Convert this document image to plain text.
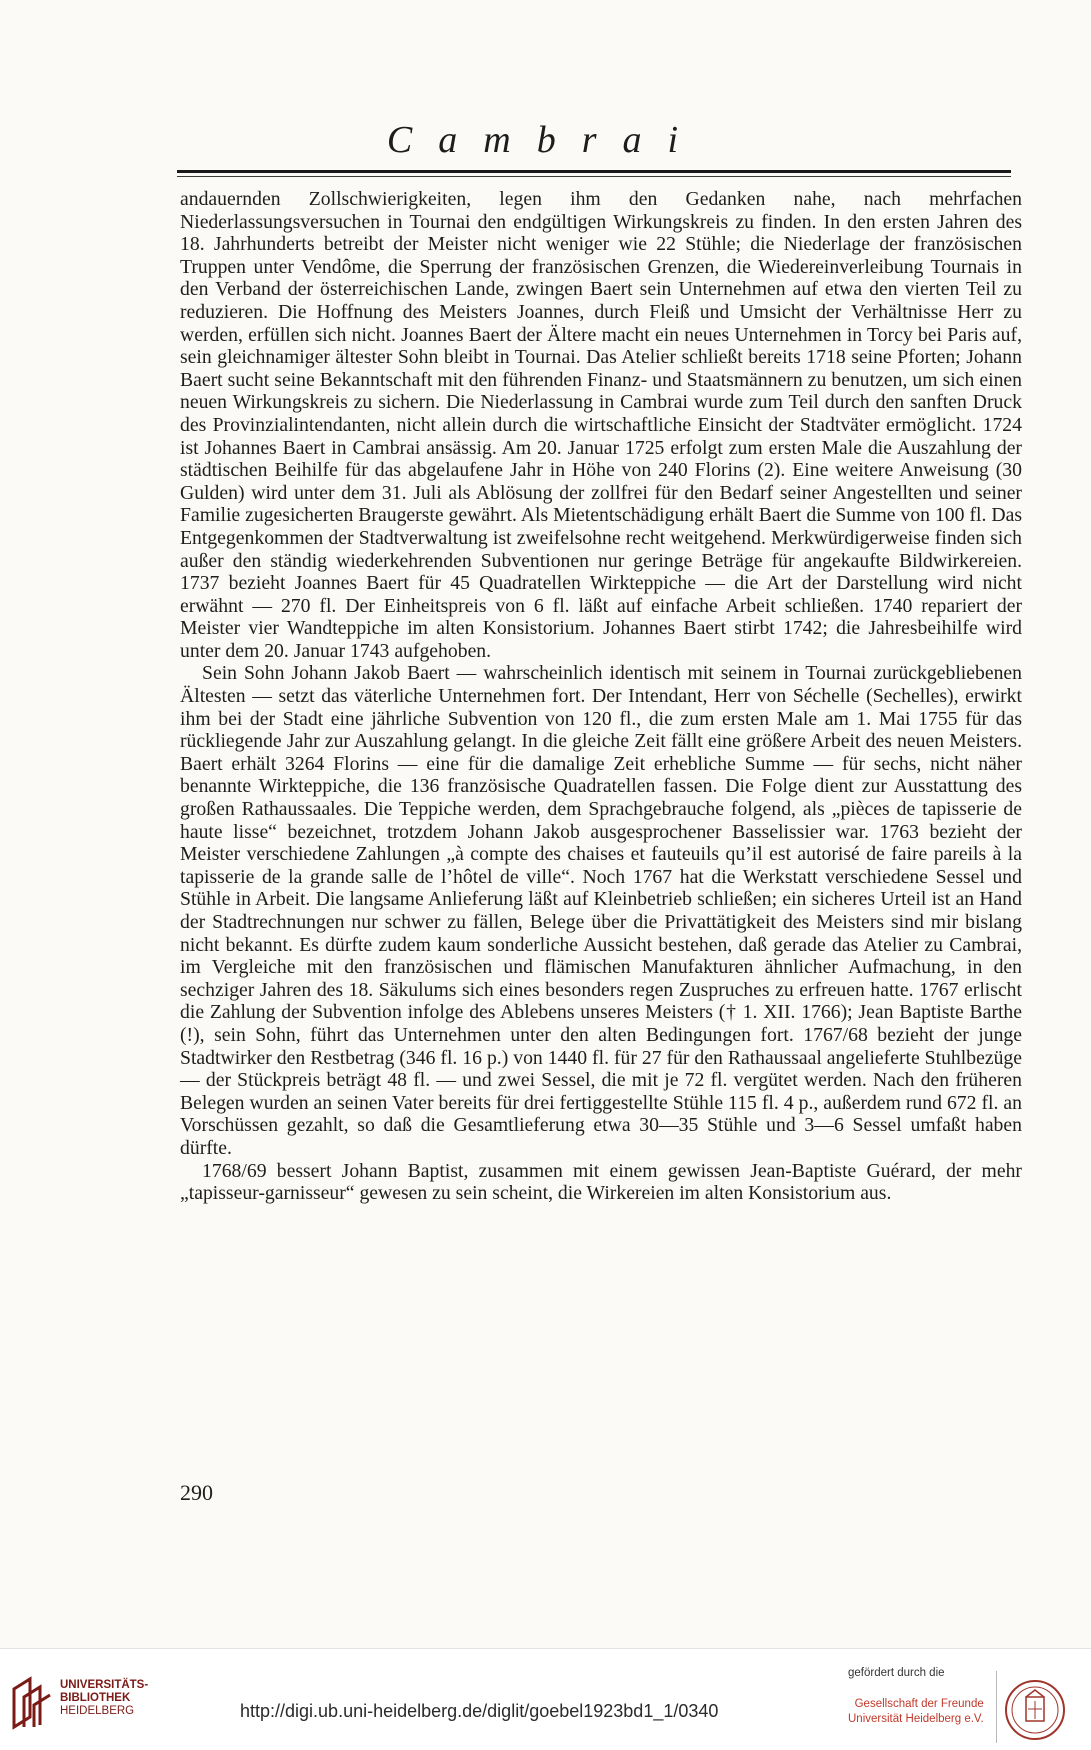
Cambrai

andauernden Zollschwierigkeiten, legen ihm den Gedanken nahe, nach mehrfachen Niederlassungsversuchen in Tournai den endgültigen Wirkungskreis zu finden. In den ersten Jahren des 18. Jahrhunderts betreibt der Meister nicht weniger wie 22 Stühle; die Niederlage der französischen Truppen unter Vendôme, die Sperrung der französischen Grenzen, die Wiedereinverleibung Tournais in den Verband der österreichischen Lande, zwingen Baert sein Unternehmen auf etwa den vierten Teil zu reduzieren. Die Hoffnung des Meisters Joannes, durch Fleiß und Umsicht der Verhältnisse Herr zu werden, erfüllen sich nicht. Joannes Baert der Ältere macht ein neues Unternehmen in Torcy bei Paris auf, sein gleichnamiger ältester Sohn bleibt in Tournai. Das Atelier schließt bereits 1718 seine Pforten; Johann Baert sucht seine Bekanntschaft mit den führenden Finanz- und Staatsmännern zu benutzen, um sich einen neuen Wirkungskreis zu sichern. Die Niederlassung in Cambrai wurde zum Teil durch den sanften Druck des Provinzialintendanten, nicht allein durch die wirtschaftliche Einsicht der Stadtväter ermöglicht. 1724 ist Johannes Baert in Cambrai ansässig. Am 20. Januar 1725 erfolgt zum ersten Male die Auszahlung der städtischen Beihilfe für das abgelaufene Jahr in Höhe von 240 Florins (2). Eine weitere Anweisung (30 Gulden) wird unter dem 31. Juli als Ablösung der zollfrei für den Bedarf seiner Angestellten und seiner Familie zugesicherten Braugerste gewährt. Als Mietentschädigung erhält Baert die Summe von 100 fl. Das Entgegenkommen der Stadtverwaltung ist zweifelsohne recht weitgehend. Merkwürdigerweise finden sich außer den ständig wiederkehrenden Subventionen nur geringe Beträge für angekaufte Bildwirkereien. 1737 bezieht Joannes Baert für 45 Quadratellen Wirkteppiche — die Art der Darstellung wird nicht erwähnt — 270 fl. Der Einheitspreis von 6 fl. läßt auf einfache Arbeit schließen. 1740 repariert der Meister vier Wandteppiche im alten Konsistorium. Johannes Baert stirbt 1742; die Jahresbeihilfe wird unter dem 20. Januar 1743 aufgehoben.

Sein Sohn Johann Jakob Baert — wahrscheinlich identisch mit seinem in Tournai zurückgebliebenen Ältesten — setzt das väterliche Unternehmen fort. Der Intendant, Herr von Séchelle (Sechelles), erwirkt ihm bei der Stadt eine jährliche Subvention von 120 fl., die zum ersten Male am 1. Mai 1755 für das rückliegende Jahr zur Auszahlung gelangt. In die gleiche Zeit fällt eine größere Arbeit des neuen Meisters. Baert erhält 3264 Florins — eine für die damalige Zeit erhebliche Summe — für sechs, nicht näher benannte Wirkteppiche, die 136 französische Quadratellen fassen. Die Folge dient zur Ausstattung des großen Rathaussaales. Die Teppiche werden, dem Sprachgebrauche folgend, als „pièces de tapisserie de haute lisse“ bezeichnet, trotzdem Johann Jakob ausgesprochener Basselissier war. 1763 bezieht der Meister verschiedene Zahlungen „à compte des chaises et fauteuils qu’il est autorisé de faire pareils à la tapisserie de la grande salle de l’hôtel de ville“. Noch 1767 hat die Werkstatt verschiedene Sessel und Stühle in Arbeit. Die langsame Anlieferung läßt auf Kleinbetrieb schließen; ein sicheres Urteil ist an Hand der Stadtrechnungen nur schwer zu fällen, Belege über die Privattätigkeit des Meisters sind mir bislang nicht bekannt. Es dürfte zudem kaum sonderliche Aussicht bestehen, daß gerade das Atelier zu Cambrai, im Vergleiche mit den französischen und flämischen Manufakturen ähnlicher Aufmachung, in den sechziger Jahren des 18. Säkulums sich eines besonders regen Zuspruches zu erfreuen hatte. 1767 erlischt die Zahlung der Subvention infolge des Ablebens unseres Meisters († 1. XII. 1766); Jean Baptiste Barthe (!), sein Sohn, führt das Unternehmen unter den alten Bedingungen fort. 1767/68 bezieht der junge Stadtwirker den Restbetrag (346 fl. 16 p.) von 1440 fl. für 27 für den Rathaussaal angelieferte Stuhlbezüge — der Stückpreis beträgt 48 fl. — und zwei Sessel, die mit je 72 fl. vergütet werden. Nach den früheren Belegen wurden an seinen Vater bereits für drei fertiggestellte Stühle 115 fl. 4 p., außerdem rund 672 fl. an Vorschüssen gezahlt, so daß die Gesamtlieferung etwa 30—35 Stühle und 3—6 Sessel umfaßt haben dürfte.

1768/69 bessert Johann Baptist, zusammen mit einem gewissen Jean-Baptiste Guérard, der mehr „tapisseur-garnisseur“ gewesen zu sein scheint, die Wirkereien im alten Konsistorium aus.

290
UNIVERSITÄTS-
BIBLIOTHEK
HEIDELBERG	http://digi.ub.uni-heidelberg.de/diglit/goebel1923bd1_1/0340
gefördert durch die
Gesellschaft der Freunde
Universität Heidelberg e.V.
